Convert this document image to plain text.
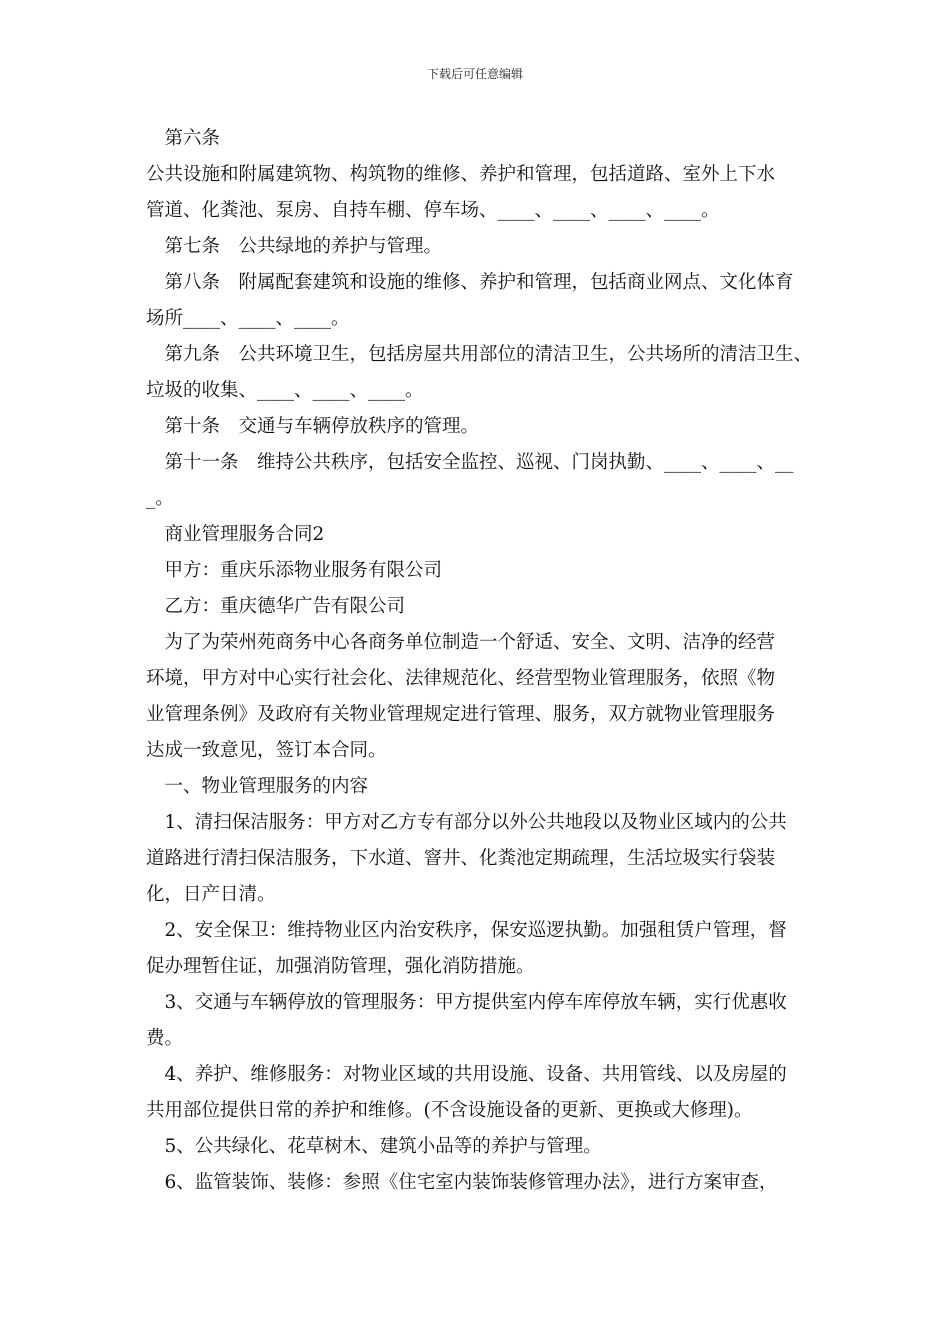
下载后可任意编辑
　第六条
公共设施和附属建筑物、构筑物的维修、养护和管理，包括道路、室外上下水
管道、化粪池、泵房、自持车棚、停车场、____、____、____、____。
　第七条　公共绿地的养护与管理。
　第八条　附属配套建筑和设施的维修、养护和管理，包括商业网点、文化体育
场所____、____、____。
　第九条　公共环境卫生，包括房屋共用部位的清洁卫生，公共场所的清洁卫生、
垃圾的收集、____、____、____。
　第十条　交通与车辆停放秩序的管理。
　第十一条　维持公共秩序，包括安全监控、巡视、门岗执勤、____、____、__
_。
　商业管理服务合同2
　甲方：重庆乐添物业服务有限公司
　乙方：重庆德华广告有限公司
　为了为荣州苑商务中心各商务单位制造一个舒适、安全、文明、洁净的经营
环境，甲方对中心实行社会化、法律规范化、经营型物业管理服务，依照《物
业管理条例》及政府有关物业管理规定进行管理、服务，双方就物业管理服务
达成一致意见，签订本合同。
　一、物业管理服务的内容
　1、清扫保洁服务：甲方对乙方专有部分以外公共地段以及物业区域内的公共
道路进行清扫保洁服务，下水道、窨井、化粪池定期疏理，生活垃圾实行袋装
化，日产日清。
　2、安全保卫：维持物业区内治安秩序，保安巡逻执勤。加强租赁户管理，督
促办理暂住证，加强消防管理，强化消防措施。
　3、交通与车辆停放的管理服务：甲方提供室内停车库停放车辆，实行优惠收
费。
　4、养护、维修服务：对物业区域的共用设施、设备、共用管线、以及房屋的
共用部位提供日常的养护和维修。(不含设施设备的更新、更换或大修理)。
　5、公共绿化、花草树木、建筑小品等的养护与管理。
　6、监管装饰、装修：参照《住宅室内装饰装修管理办法》，进行方案审查，
